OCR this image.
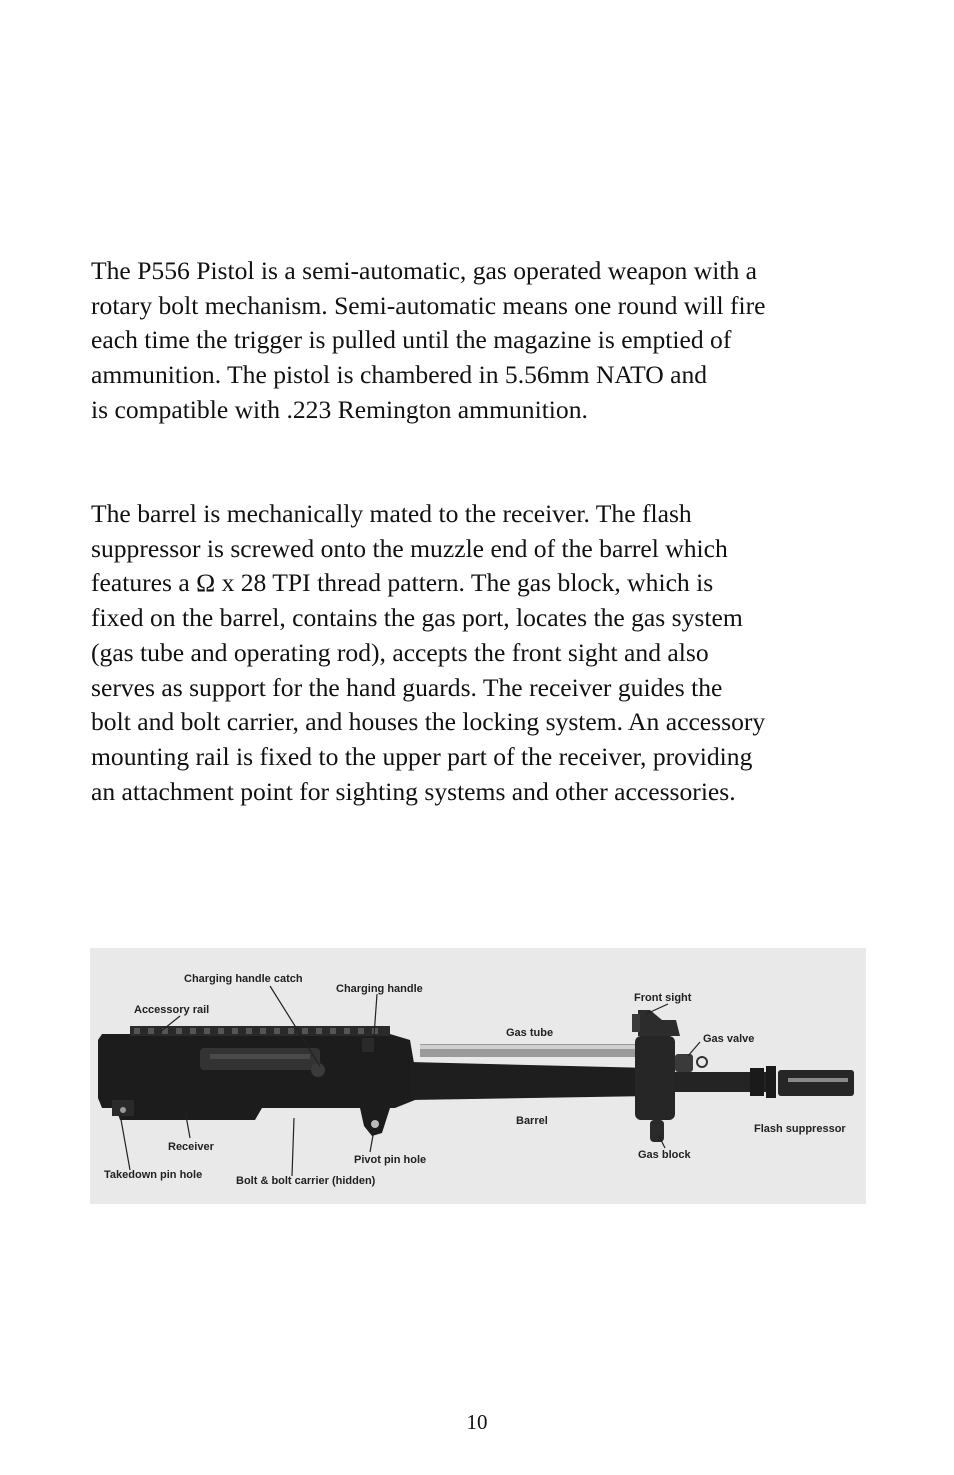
The P556 Pistol is a semi-automatic, gas operated weapon with a
rotary bolt mechanism. Semi-automatic means one round will fire
each time the trigger is pulled until the magazine is emptied of
ammunition. The pistol is chambered in 5.56mm NATO and
is compatible with .223 Remington ammunition.

The barrel is mechanically mated to the receiver. The flash
suppressor is screwed onto the muzzle end of the barrel which
features a Ω x 28 TPI thread pattern. The gas block, which is
fixed on the barrel, contains the gas port, locates the gas system
(gas tube and operating rod), accepts the front sight and also
serves as support for the hand guards. The receiver guides the
bolt and bolt carrier, and houses the locking system. An accessory
mounting rail is fixed to the upper part of the receiver, providing
an attachment point for sighting systems and other accessories.

Charging handle catch
Accessory rail
Charging handle
Gas tube
Front sight
Gas valve
Barrel
Flash suppressor
Receiver
Takedown pin hole
Pivot pin hole
Bolt & bolt carrier (hidden)
Gas block
10
